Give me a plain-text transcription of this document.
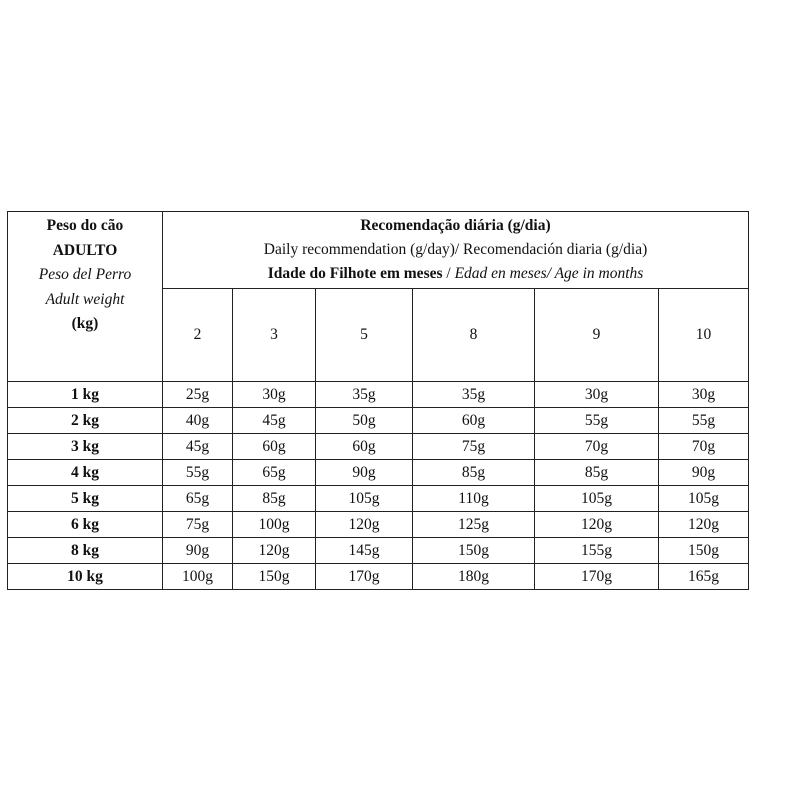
Peso do cão
ADULTO
Peso del Perro
Adult weight
(kg)	Recomendação diária (g/dia)
Daily recommendation (g/day)/ Recomendación diaria (g/dia)
Idade do Filhote em meses / Edad en meses/ Age in months					

	2	3	5	8	9	10
1 kg	25g	30g	35g	35g	30g	30g
2 kg	40g	45g	50g	60g	55g	55g
3 kg	45g	60g	60g	75g	70g	70g
4 kg	55g	65g	90g	85g	85g	90g
5 kg	65g	85g	105g	110g	105g	105g
6 kg	75g	100g	120g	125g	120g	120g
8 kg	90g	120g	145g	150g	155g	150g
10 kg	100g	150g	170g	180g	170g	165g
